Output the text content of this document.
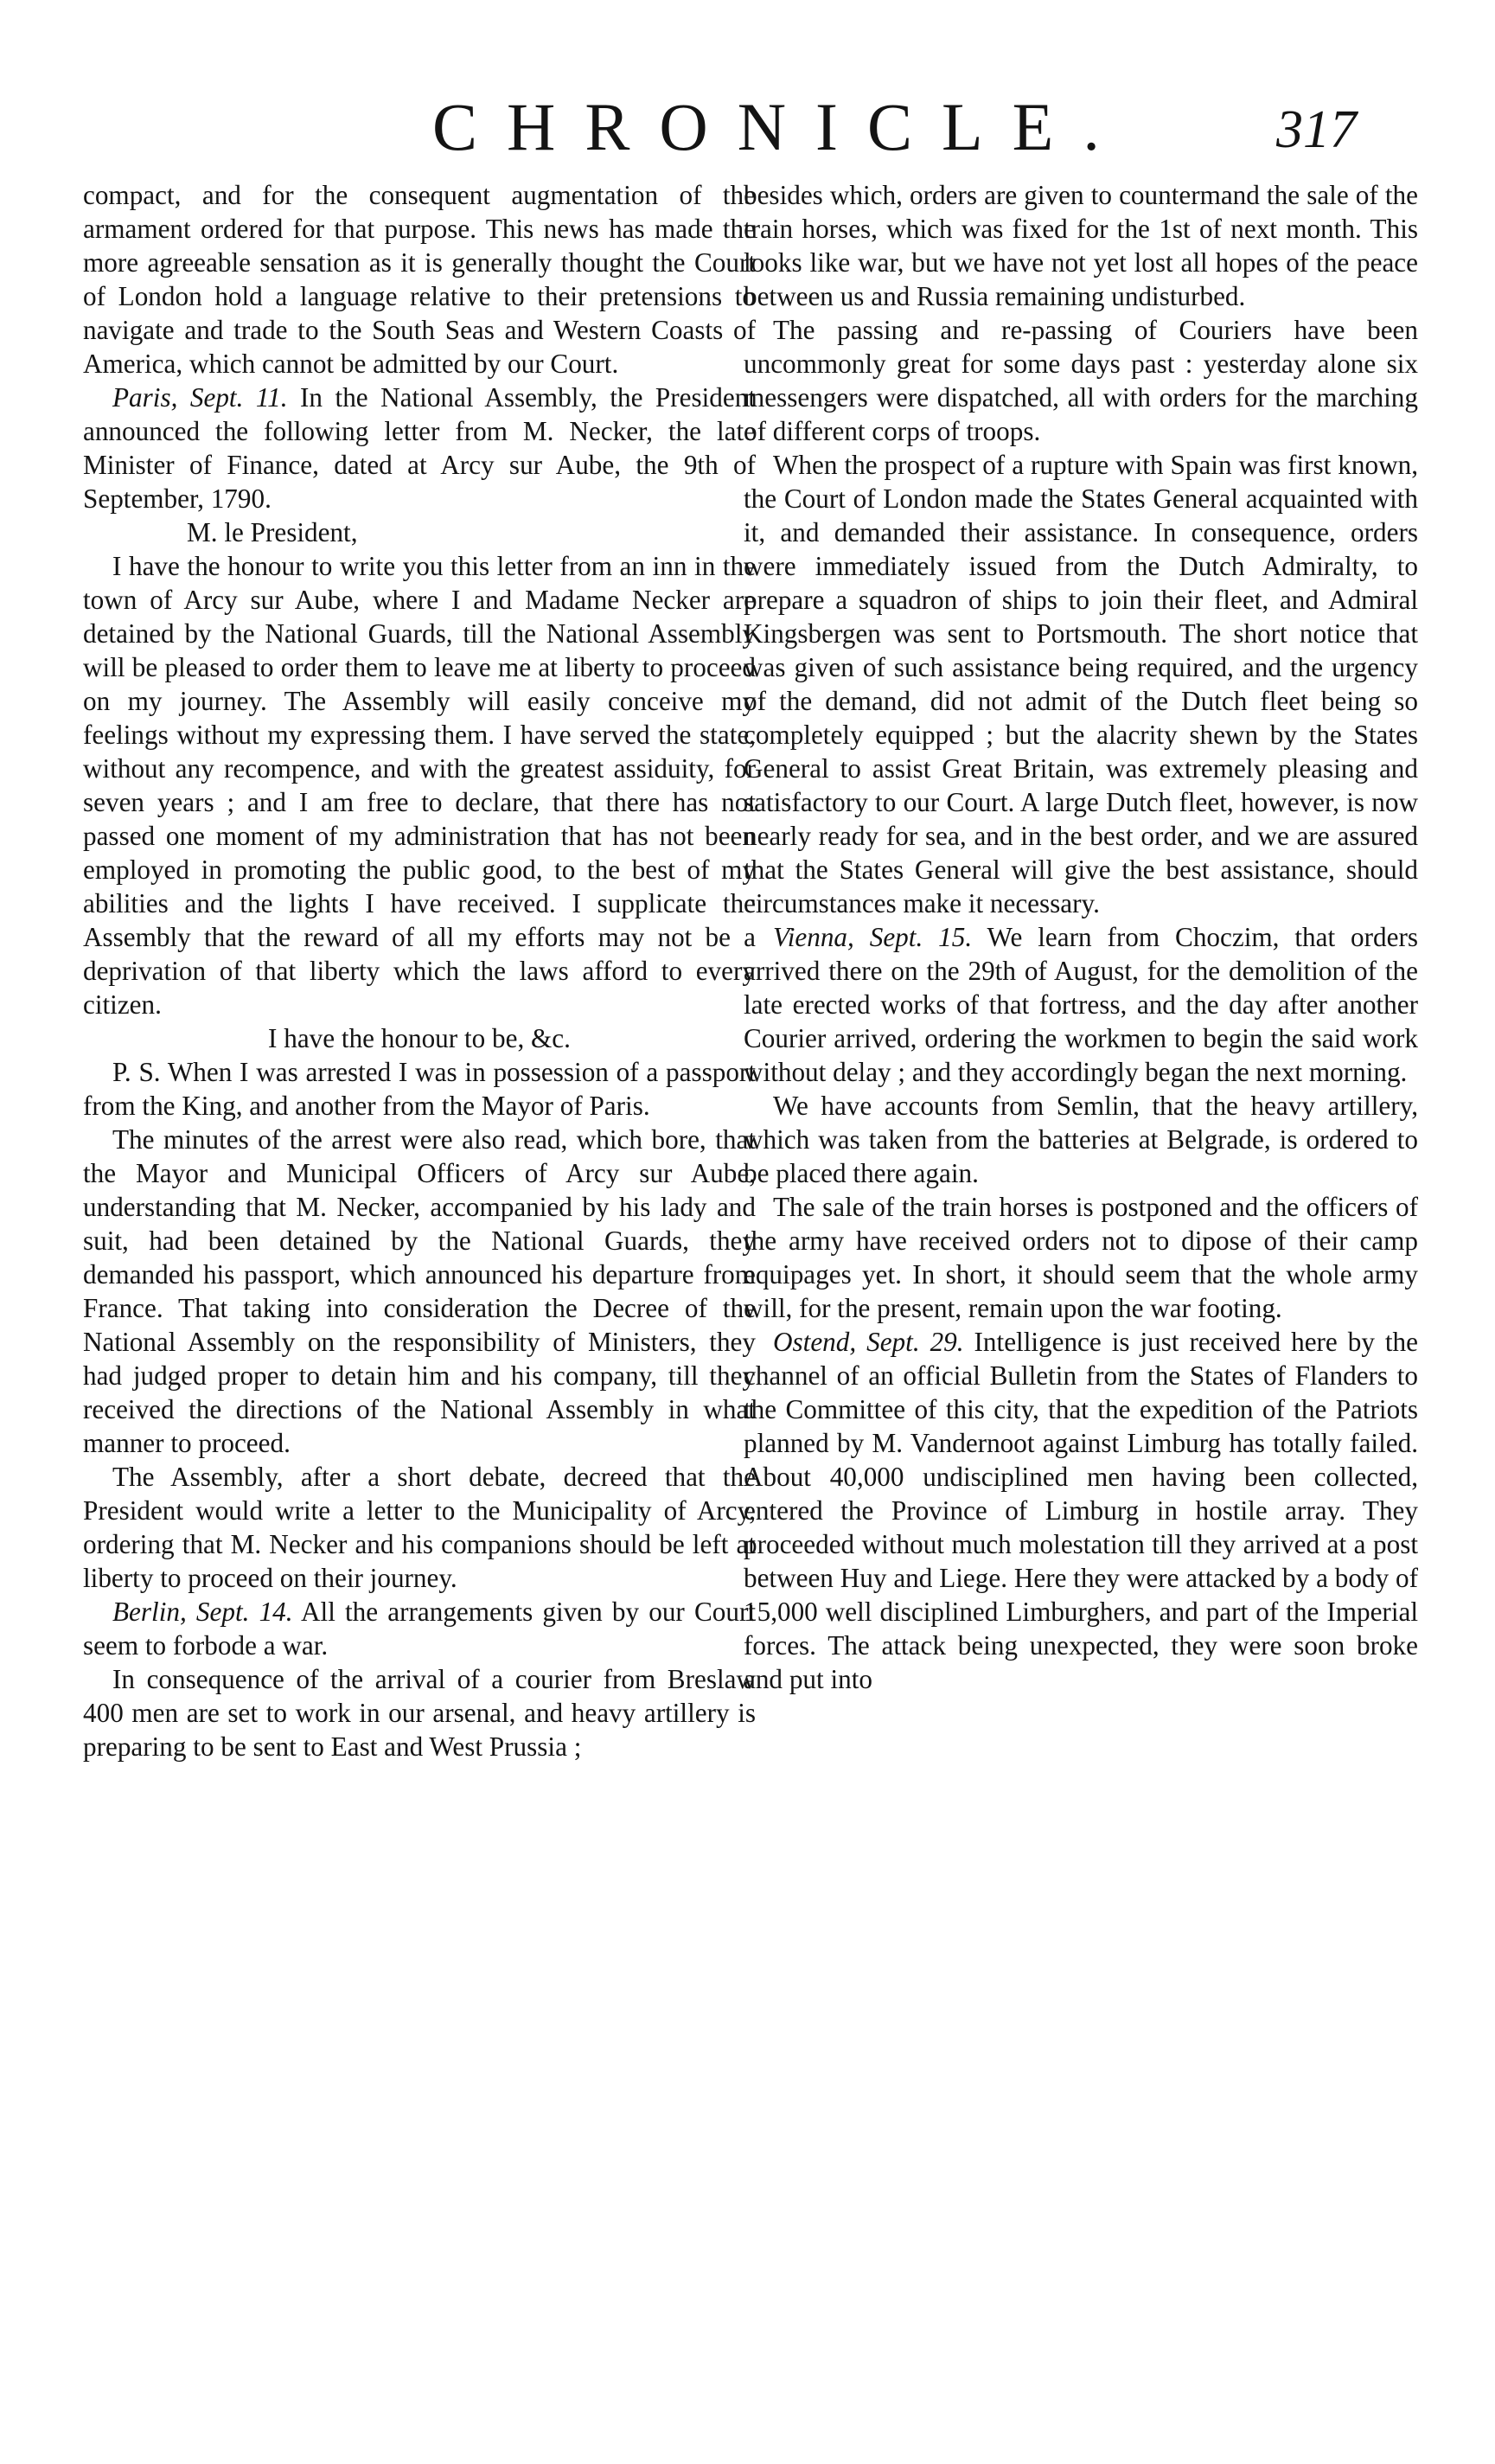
CHRONICLE.	317

compact, and for the consequent augmentation of the armament ordered for that purpose. This news has made the more agreeable sensation as it is generally thought the Court of London hold a language relative to their pretensions to navigate and trade to the South Seas and Western Coasts of America, which cannot be admitted by our Court.

Paris, Sept. 11. In the National Assembly, the President announced the following letter from M. Necker, the late Minister of Finance, dated at Arcy sur Aube, the 9th of September, 1790.

M. le President,

I have the honour to write you this letter from an inn in the town of Arcy sur Aube, where I and Madame Necker are detained by the National Guards, till the National Assembly will be pleased to order them to leave me at liberty to proceed on my journey. The Assembly will easily conceive my feelings without my expressing them. I have served the state, without any recompence, and with the greatest assiduity, for seven years ; and I am free to declare, that there has not passed one moment of my administration that has not been employed in promoting the public good, to the best of my abilities and the lights I have received. I supplicate the Assembly that the reward of all my efforts may not be a deprivation of that liberty which the laws afford to every citizen.

I have the honour to be, &c.

P. S. When I was arrested I was in possession of a passport from the King, and another from the Mayor of Paris.

The minutes of the arrest were also read, which bore, that the Mayor and Municipal Officers of Arcy sur Aube, understanding that M. Necker, accompanied by his lady and suit, had been detained by the National Guards, they demanded his passport, which announced his departure from France. That taking into consideration the Decree of the National Assembly on the responsibility of Ministers, they had judged proper to detain him and his company, till they received the directions of the National Assembly in what manner to proceed.

The Assembly, after a short debate, decreed that the President would write a letter to the Municipality of Arcy, ordering that M. Necker and his companions should be left at liberty to proceed on their journey.

Berlin, Sept. 14. All the arrangements given by our Court seem to forbode a war.

In consequence of the arrival of a courier from Breslaw 400 men are set to work in our arsenal, and heavy artillery is preparing to be sent to East and West Prussia ;

besides which, orders are given to countermand the sale of the train horses, which was fixed for the 1st of next month. This looks like war, but we have not yet lost all hopes of the peace between us and Russia remaining undisturbed.

The passing and re-passing of Couriers have been uncommonly great for some days past : yesterday alone six messengers were dispatched, all with orders for the marching of different corps of troops.

When the prospect of a rupture with Spain was first known, the Court of London made the States General acquainted with it, and demanded their assistance. In consequence, orders were immediately issued from the Dutch Admiralty, to prepare a squadron of ships to join their fleet, and Admiral Kingsbergen was sent to Portsmouth. The short notice that was given of such assistance being required, and the urgency of the demand, did not admit of the Dutch fleet being so completely equipped ; but the alacrity shewn by the States General to assist Great Britain, was extremely pleasing and satisfactory to our Court. A large Dutch fleet, however, is now nearly ready for sea, and in the best order, and we are assured that the States General will give the best assistance, should circumstances make it necessary.

Vienna, Sept. 15. We learn from Choczim, that orders arrived there on the 29th of August, for the demolition of the late erected works of that fortress, and the day after another Courier arrived, ordering the workmen to begin the said work without delay ; and they accordingly began the next morning.

We have accounts from Semlin, that the heavy artillery, which was taken from the batteries at Belgrade, is ordered to be placed there again.

The sale of the train horses is postponed and the officers of the army have received orders not to dipose of their camp equipages yet. In short, it should seem that the whole army will, for the present, remain upon the war footing.

Ostend, Sept. 29. Intelligence is just received here by the channel of an official Bulletin from the States of Flanders to the Committee of this city, that the expedition of the Patriots planned by M. Vandernoot against Limburg has totally failed. About 40,000 undisciplined men having been collected, entered the Province of Limburg in hostile array. They proceeded without much molestation till they arrived at a post between Huy and Liege. Here they were attacked by a body of 15,000 well disciplined Limburghers, and part of the Imperial forces. The attack being unexpected, they were soon broke and put into
